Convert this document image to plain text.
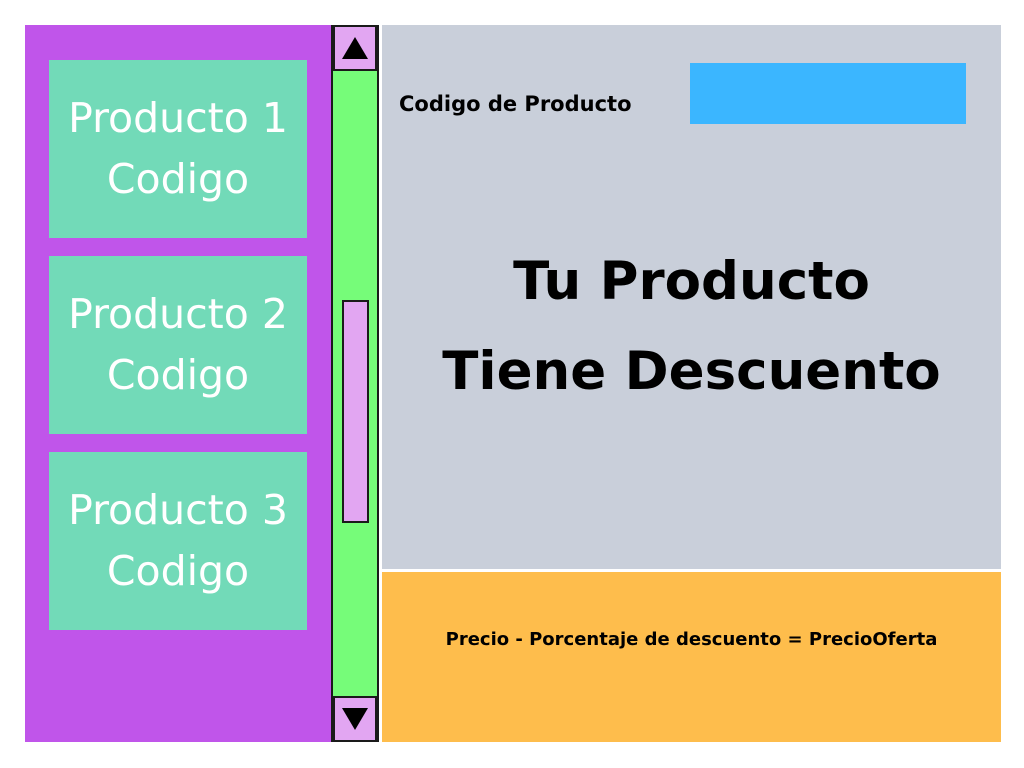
Producto 1
Codigo
Producto 2
Codigo
Producto 3
Codigo
Codigo de Producto
Tu Producto
Tiene Descuento
Precio - Porcentaje de descuento = PrecioOferta
